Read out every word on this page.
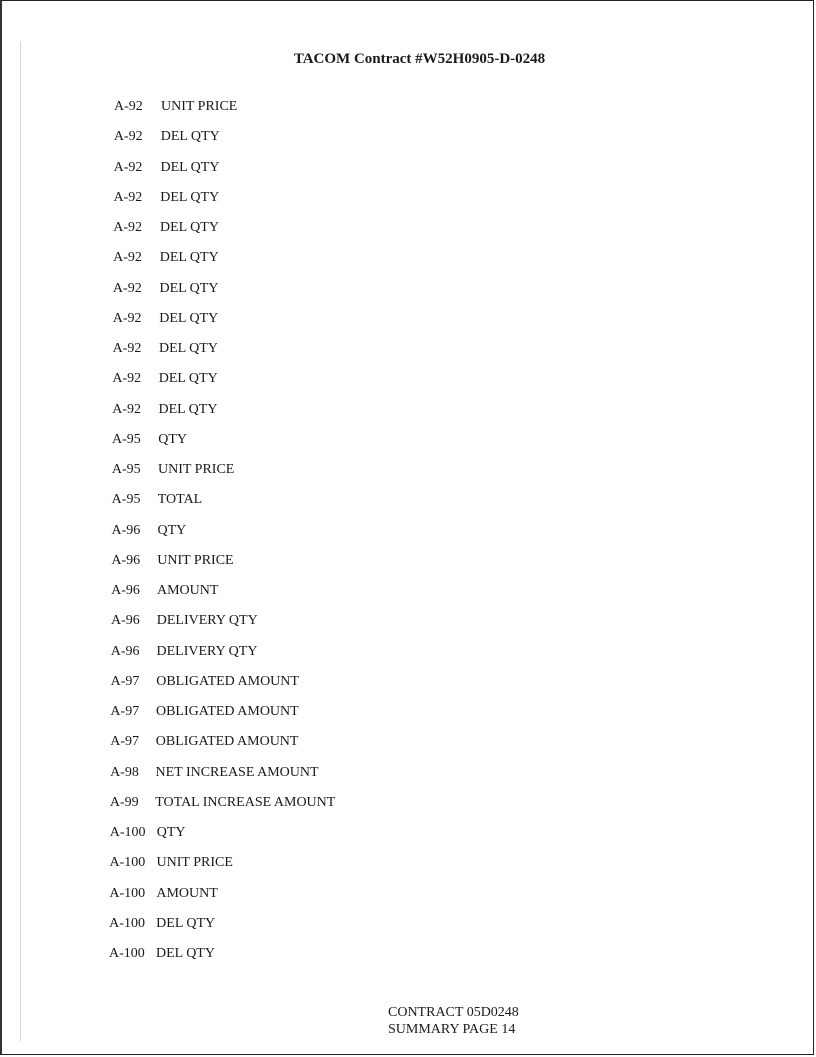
TACOM Contract #W52H0905-D-0248
A-92 UNIT PRICE
A-92 DEL QTY
A-92 DEL QTY
A-92 DEL QTY
A-92 DEL QTY
A-92 DEL QTY
A-92 DEL QTY
A-92 DEL QTY
A-92 DEL QTY
A-92 DEL QTY
A-92 DEL QTY
A-95 QTY
A-95 UNIT PRICE
A-95 TOTAL
A-96 QTY
A-96 UNIT PRICE
A-96 AMOUNT
A-96 DELIVERY QTY
A-96 DELIVERY QTY
A-97 OBLIGATED AMOUNT
A-97 OBLIGATED AMOUNT
A-97 OBLIGATED AMOUNT
A-98 NET INCREASE AMOUNT
A-99 TOTAL INCREASE AMOUNT
A-100 QTY
A-100 UNIT PRICE
A-100 AMOUNT
A-100 DEL QTY
A-100 DEL QTY
CONTRACT 05D0248
SUMMARY PAGE 14
